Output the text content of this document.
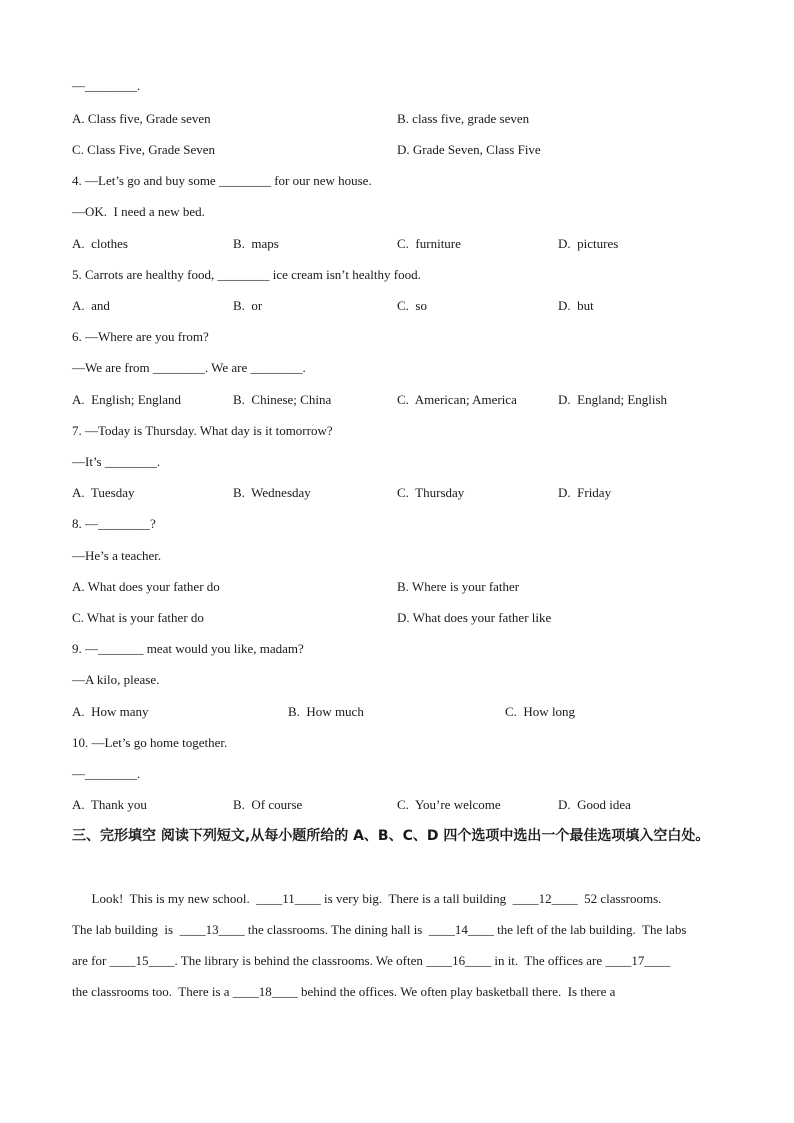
—________.
A. Class five, Grade seven	B. class five, grade seven
C. Class Five, Grade Seven	D. Grade Seven, Class Five
4. —Let’s go and buy some ________ for our new house.
—OK.  I need a new bed.
A.  clothes	B.  maps	C.  furniture	D.  pictures
5. Carrots are healthy food, ________ ice cream isn’t healthy food.
A.  and	B.  or	C.  so	D.  but
6. —Where are you from?
—We are from ________. We are ________.
A.  English; England	B.  Chinese; China	C.  American; America	D.  England; English
7. —Today is Thursday. What day is it tomorrow?
—It’s ________.
A.  Tuesday	B.  Wednesday	C.  Thursday	D.  Friday
8. —________?
—He’s a teacher.
A. What does your father do	B. Where is your father
C. What is your father do	D. What does your father like
9. —_______ meat would you like, madam?
—A kilo, please.
A.  How many	B.  How much	C.  How long
10. —Let’s go home together.
—________.
A.  Thank you	B.  Of course	C.  You’re welcome	D.  Good idea
三、完形填空 阅读下列短文,从每小题所给的 A、B、C、D 四个选项中选出一个最佳选项填入空白处。
Look!  This is my new school.  ____11____ is very big.  There is a tall building  ____12____  52 classrooms.
The lab building  is  ____13____ the classrooms. The dining hall is  ____14____ the left of the lab building.  The labs
are for ____15____. The library is behind the classrooms. We often ____16____ in it.  The offices are ____17____
the classrooms too.  There is a ____18____ behind the offices. We often play basketball there.  Is there a
